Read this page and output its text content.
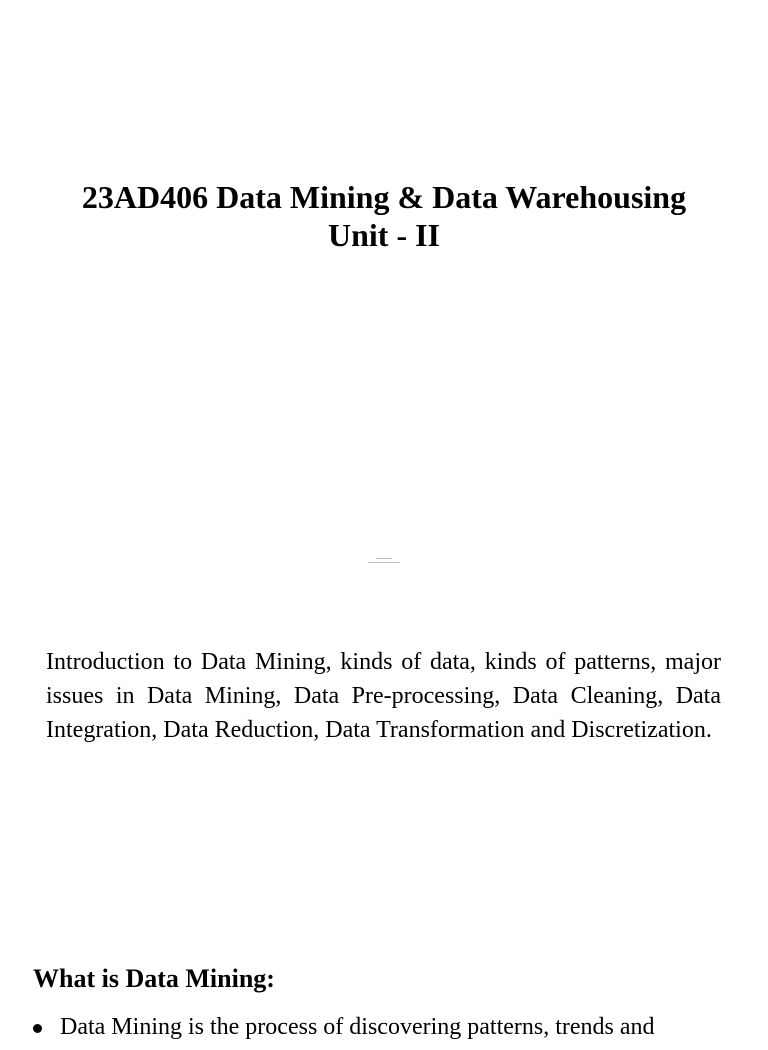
23AD406 Data Mining & Data Warehousing
Unit - II

Introduction to Data Mining, kinds of data, kinds of patterns, major issues in Data Mining, Data Pre-processing, Data Cleaning, Data Integration, Data Reduction, Data Transformation and Discretization.

What is Data Mining:
Data Mining is the process of discovering patterns, trends and
